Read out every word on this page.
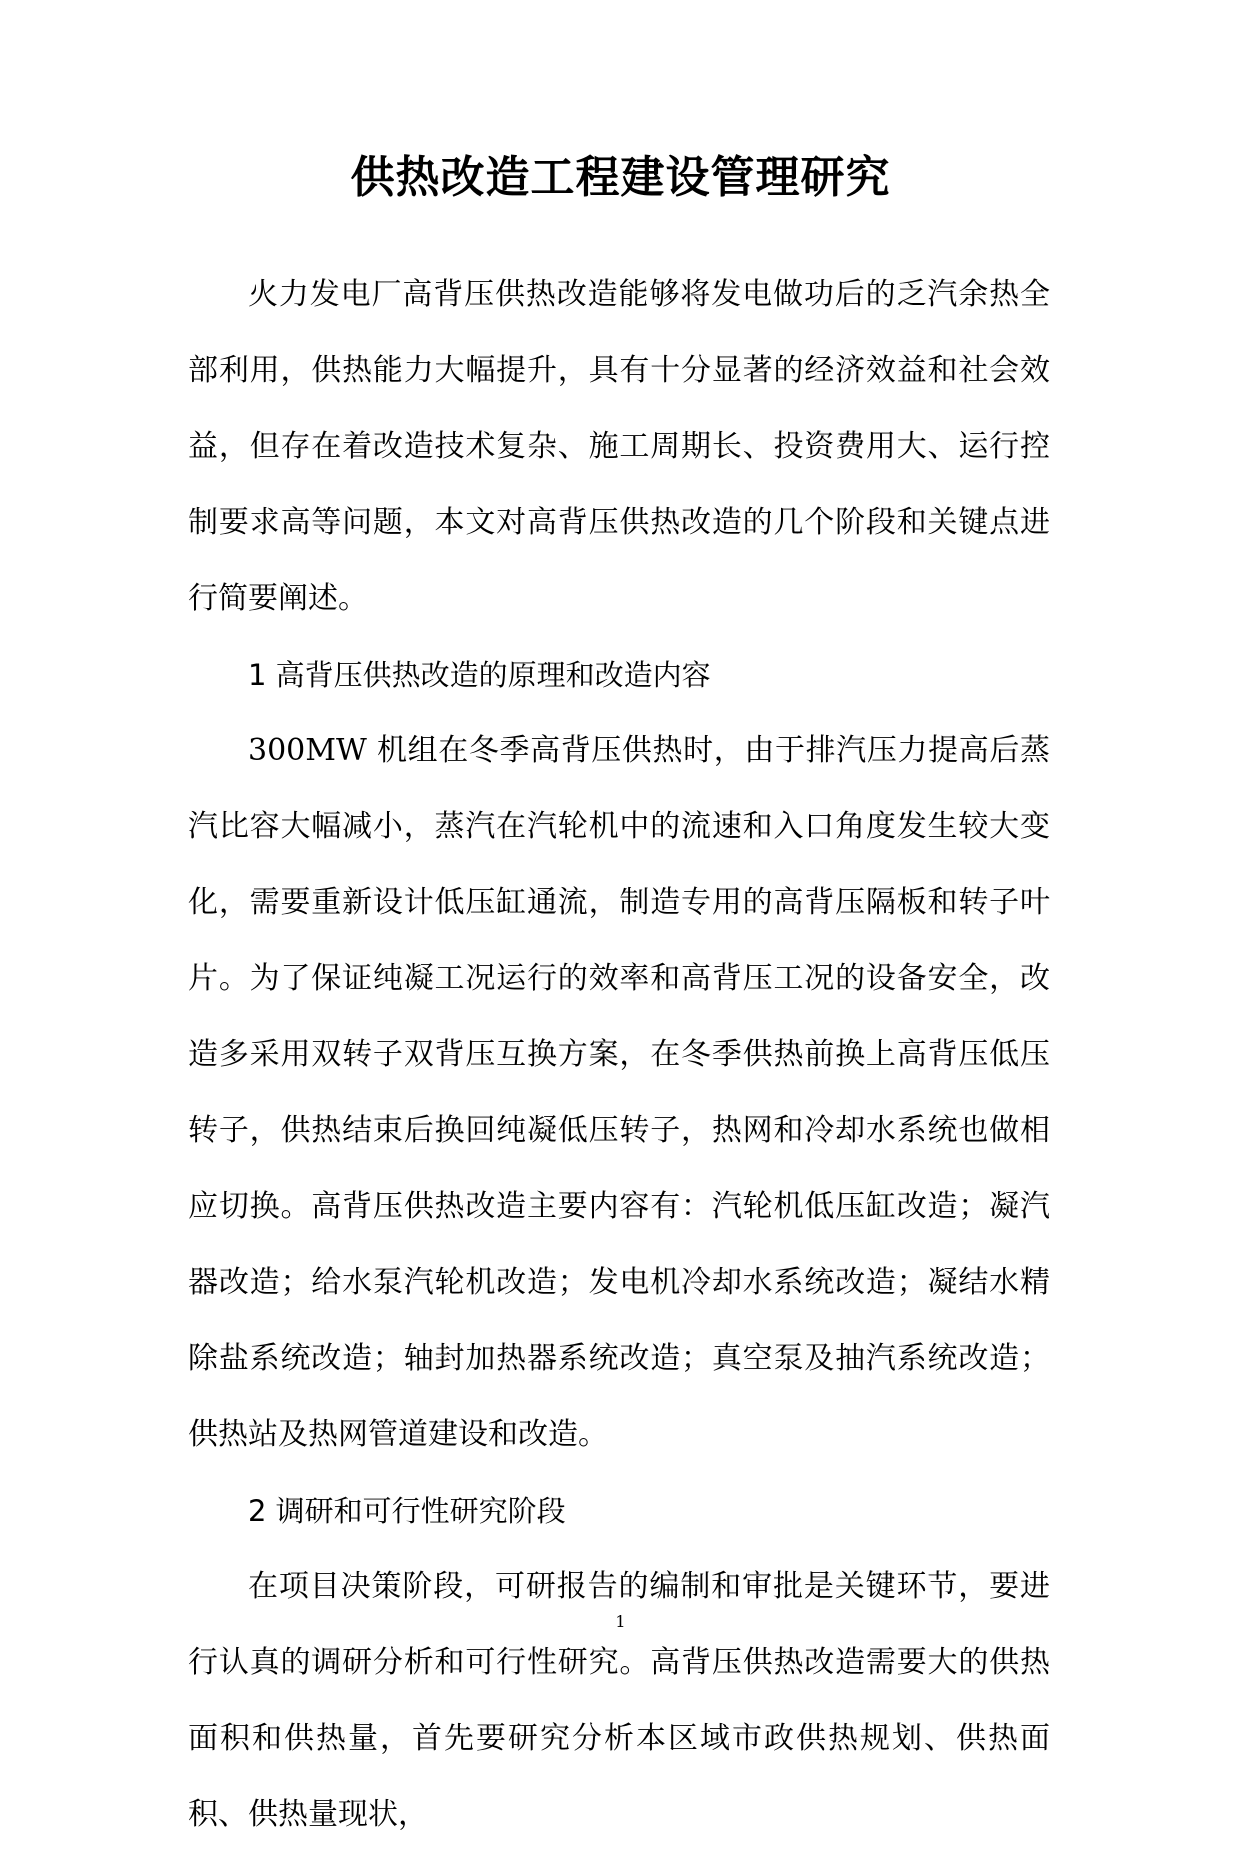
供热改造工程建设管理研究

火力发电厂高背压供热改造能够将发电做功后的乏汽余热全部利用，供热能力大幅提升，具有十分显著的经济效益和社会效益，但存在着改造技术复杂、施工周期长、投资费用大、运行控制要求高等问题，本文对高背压供热改造的几个阶段和关键点进行简要阐述。

1 高背压供热改造的原理和改造内容

300MW 机组在冬季高背压供热时，由于排汽压力提高后蒸汽比容大幅减小，蒸汽在汽轮机中的流速和入口角度发生较大变化，需要重新设计低压缸通流，制造专用的高背压隔板和转子叶片。为了保证纯凝工况运行的效率和高背压工况的设备安全，改造多采用双转子双背压互换方案，在冬季供热前换上高背压低压转子，供热结束后换回纯凝低压转子，热网和冷却水系统也做相应切换。高背压供热改造主要内容有：汽轮机低压缸改造；凝汽器改造；给水泵汽轮机改造；发电机冷却水系统改造；凝结水精除盐系统改造；轴封加热器系统改造；真空泵及抽汽系统改造；供热站及热网管道建设和改造。

2 调研和可行性研究阶段

在项目决策阶段，可研报告的编制和审批是关键环节，要进行认真的调研分析和可行性研究。高背压供热改造需要大的供热面积和供热量，首先要研究分析本区域市政供热规划、供热面积、供热量现状，

1
